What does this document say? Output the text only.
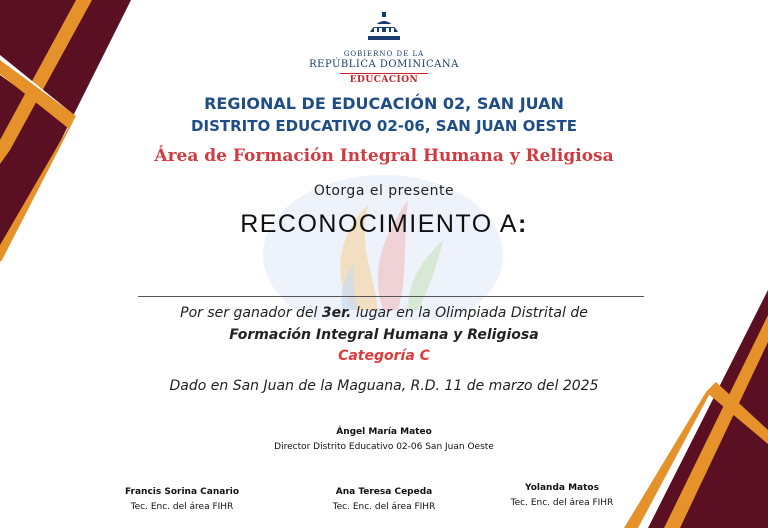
GOBIERNO DE LA
REPÚBLICA DOMINICANA
EDUCACIÓN
REGIONAL DE EDUCACIÓN 02, SAN JUAN
DISTRITO EDUCATIVO 02-06, SAN JUAN OESTE
Área de Formación Integral Humana y Religiosa
Otorga el presente
RECONOCIMIENTO A:
Por ser ganador del 3er. lugar en la Olimpiada Distrital de
Formación Integral Humana y Religiosa
Categoría C
Dado en San Juan de la Maguana, R.D. 11 de marzo del 2025
Ángel María Mateo
Director Distrito Educativo 02-06 San Juan Oeste
Francis Sorina Canario
Tec. Enc. del área FIHR
Ana Teresa Cepeda
Tec. Enc. del área FIHR
Yolanda Matos
Tec. Enc. del área FIHR
